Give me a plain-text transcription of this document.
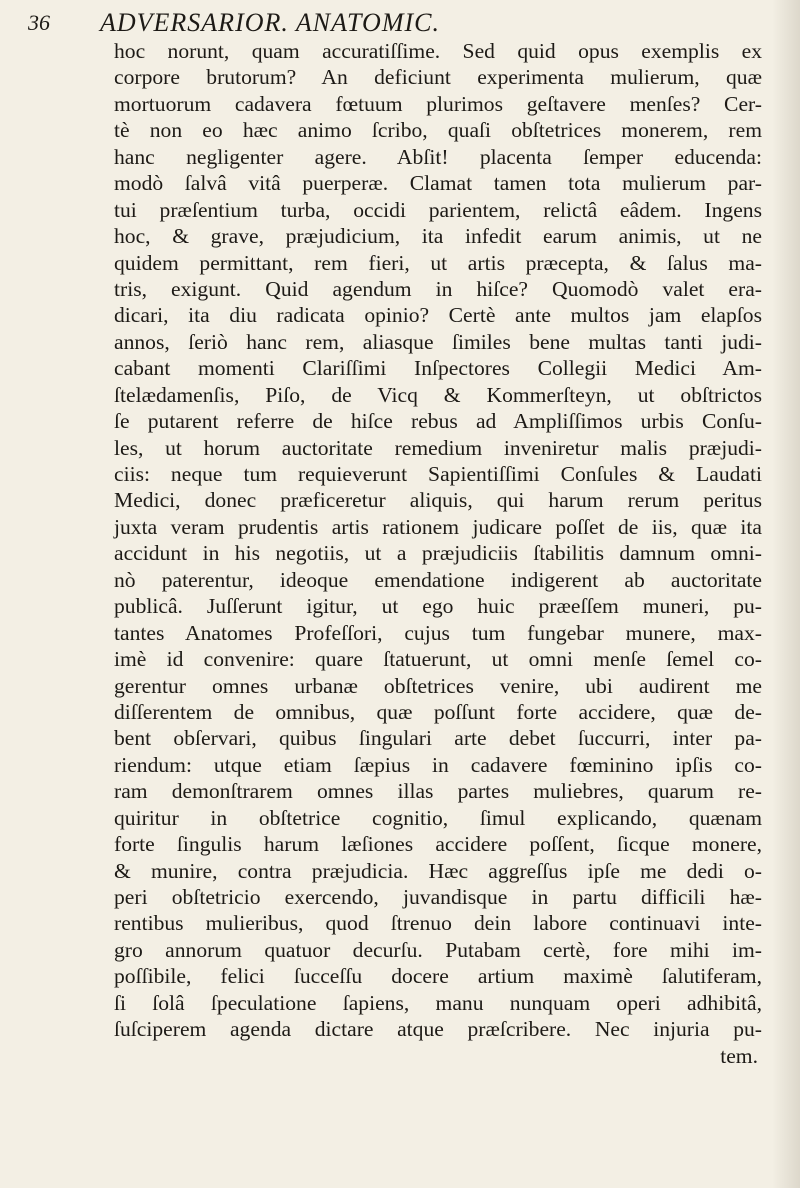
36 ADVERSARIOR. ANATOMIC.
hoc norunt, quam accuratiſſime. Sed quid opus exemplis ex
corpore brutorum? An deficiunt experimenta mulierum, quæ
mortuorum cadavera fœtuum plurimos geſtavere menſes? Cer-
tè non eo hæc animo ſcribo, quaſi obſtetrices monerem, rem
hanc negligenter agere. Abſit! placenta ſemper educenda:
modò ſalvâ vitâ puerperæ. Clamat tamen tota mulierum par-
tui præſentium turba, occidi parientem, relictâ eâdem. Ingens
hoc, & grave, præjudicium, ita infedit earum animis, ut ne
quidem permittant, rem fieri, ut artis præcepta, & ſalus ma-
tris, exigunt. Quid agendum in hiſce? Quomodò valet era-
dicari, ita diu radicata opinio? Certè ante multos jam elapſos
annos, ſeriò hanc rem, aliasque ſimiles bene multas tanti judi-
cabant momenti Clariſſimi Inſpectores Collegii Medici Am-
ſtelædamenſis, Piſo, de Vicq & Kommerſteyn, ut obſtrictos
ſe putarent referre de hiſce rebus ad Ampliſſimos urbis Conſu-
les, ut horum auctoritate remedium inveniretur malis præjudi-
ciis: neque tum requieverunt Sapientiſſimi Conſules & Laudati
Medici, donec præficeretur aliquis, qui harum rerum peritus
juxta veram prudentis artis rationem judicare poſſet de iis, quæ ita
accidunt in his negotiis, ut a præjudiciis ſtabilitis damnum omni-
nò paterentur, ideoque emendatione indigerent ab auctoritate
publicâ. Juſſerunt igitur, ut ego huic præeſſem muneri, pu-
tantes Anatomes Profeſſori, cujus tum fungebar munere, max-
imè id convenire: quare ſtatuerunt, ut omni menſe ſemel co-
gerentur omnes urbanæ obſtetrices venire, ubi audirent me
diſſerentem de omnibus, quæ poſſunt forte accidere, quæ de-
bent obſervari, quibus ſingulari arte debet ſuccurri, inter pa-
riendum: utque etiam ſæpius in cadavere fœminino ipſis co-
ram demonſtrarem omnes illas partes muliebres, quarum re-
quiritur in obſtetrice cognitio, ſimul explicando, quænam
forte ſingulis harum læſiones accidere poſſent, ſicque monere,
& munire, contra præjudicia. Hæc aggreſſus ipſe me dedi o-
peri obſtetricio exercendo, juvandisque in partu difficili hæ-
rentibus mulieribus, quod ſtrenuo dein labore continuavi inte-
gro annorum quatuor decurſu. Putabam certè, fore mihi im-
poſſibile, felici ſucceſſu docere artium maximè ſalutiferam,
ſi ſolâ ſpeculatione ſapiens, manu nunquam operi adhibitâ,
ſuſciperem agenda dictare atque præſcribere. Nec injuria pu-
tem.
